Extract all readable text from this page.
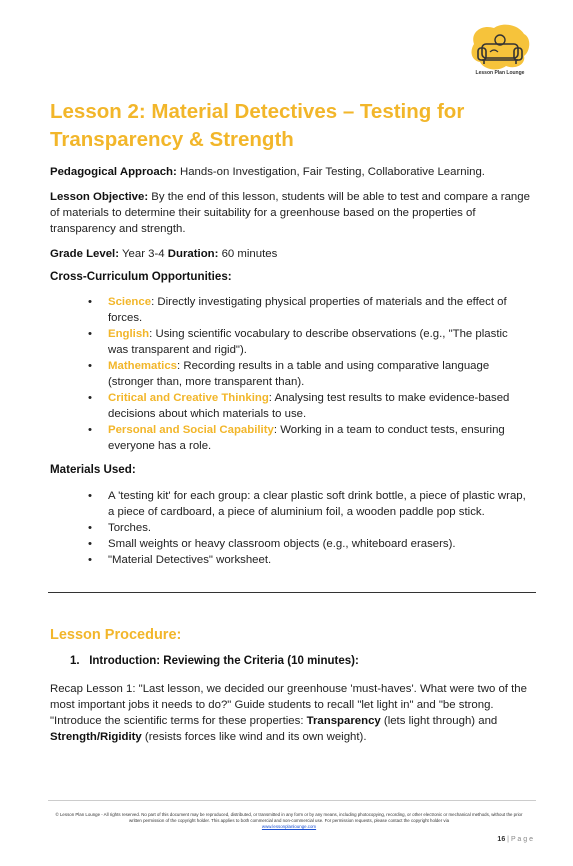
Lesson Plan Lounge
Lesson 2: Material Detectives – Testing for Transparency & Strength
Pedagogical Approach: Hands-on Investigation, Fair Testing, Collaborative Learning.
Lesson Objective: By the end of this lesson, students will be able to test and compare a range of materials to determine their suitability for a greenhouse based on the properties of transparency and strength.
Grade Level: Year 3-4 Duration: 60 minutes
Cross-Curriculum Opportunities:
• Science: Directly investigating physical properties of materials and the effect of forces.
• English: Using scientific vocabulary to describe observations (e.g., "The plastic was transparent and rigid").
• Mathematics: Recording results in a table and using comparative language (stronger than, more transparent than).
• Critical and Creative Thinking: Analysing test results to make evidence-based decisions about which materials to use.
• Personal and Social Capability: Working in a team to conduct tests, ensuring everyone has a role.
Materials Used:
• A 'testing kit' for each group: a clear plastic soft drink bottle, a piece of plastic wrap, a piece of cardboard, a piece of aluminium foil, a wooden paddle pop stick.
• Torches.
• Small weights or heavy classroom objects (e.g., whiteboard erasers).
• "Material Detectives" worksheet.
Lesson Procedure:
1. Introduction: Reviewing the Criteria (10 minutes):
Recap Lesson 1: "Last lesson, we decided our greenhouse 'must-haves'. What were two of the most important jobs it needs to do?" Guide students to recall "let light in" and "be strong. "Introduce the scientific terms for these properties: Transparency (lets light through) and Strength/Rigidity (resists forces like wind and its own weight).
© Lesson Plan Lounge - All rights reserved. No part of this document may be reproduced, distributed, or transmitted in any form or by any means, including photocopying, recording, or other electronic or mechanical methods, without the prior written permission of the copyright holder. This applies to both commercial and non-commercial use. For permission requests, please contact the copyright holder via
www.lessonplanlounge.com
16 | P a g e
